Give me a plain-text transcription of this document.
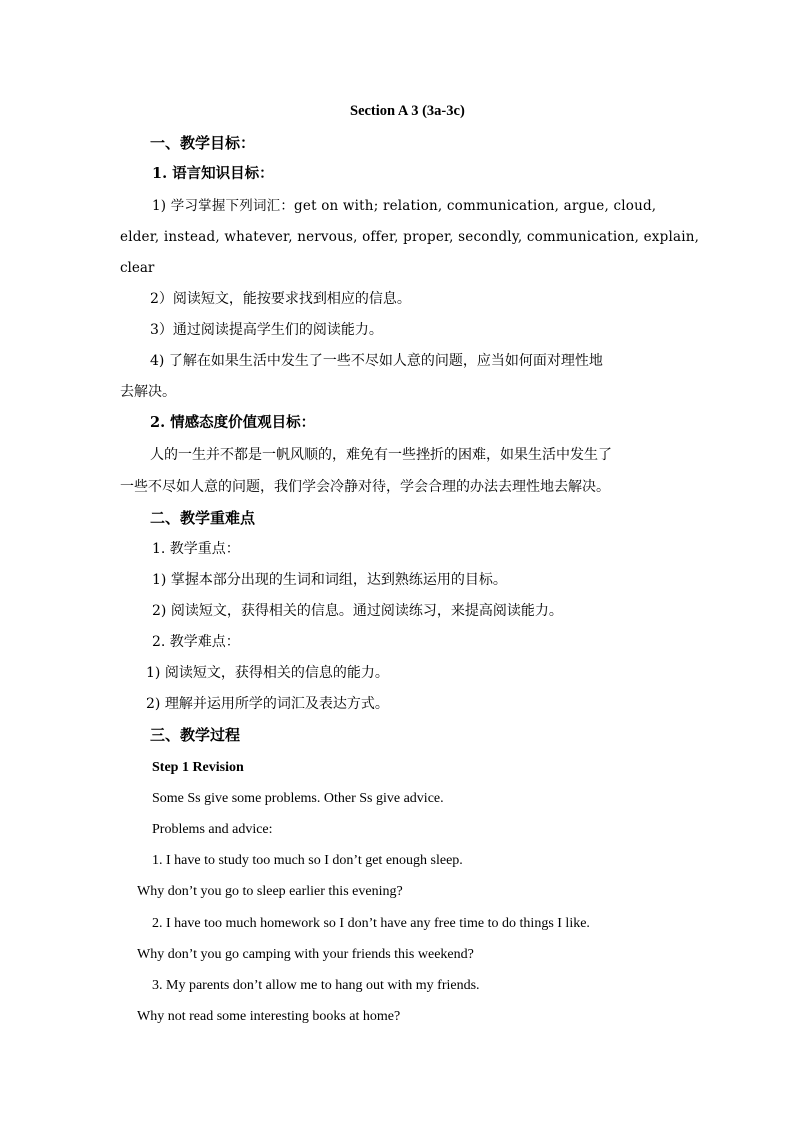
Section A 3 (3a-3c)
一、教学目标：
1. 语言知识目标：
1) 学习掌握下列词汇：get on with; relation, communication, argue, cloud,
elder, instead, whatever, nervous, offer, proper, secondly, communication, explain,
clear
2）阅读短文，能按要求找到相应的信息。
3）通过阅读提高学生们的阅读能力。
4) 了解在如果生活中发生了一些不尽如人意的问题，应当如何面对理性地
去解决。
2. 情感态度价值观目标：
人的一生并不都是一帆风顺的，难免有一些挫折的困难，如果生活中发生了
一些不尽如人意的问题，我们学会冷静对待，学会合理的办法去理性地去解决。
二、教学重难点
1. 教学重点：
1) 掌握本部分出现的生词和词组，达到熟练运用的目标。
2) 阅读短文，获得相关的信息。通过阅读练习，来提高阅读能力。
2. 教学难点：
1) 阅读短文，获得相关的信息的能力。
2) 理解并运用所学的词汇及表达方式。
三、教学过程
Step 1 Revision
Some Ss give some problems. Other Ss give advice.
Problems and advice:
1. I have to study too much so I don’t get enough sleep.
Why don’t you go to sleep earlier this evening?
2. I have too much homework so I don’t have any free time to do things I like.
Why don’t you go camping with your friends this weekend?
3. My parents don’t allow me to hang out with my friends.
Why not read some interesting books at home?
